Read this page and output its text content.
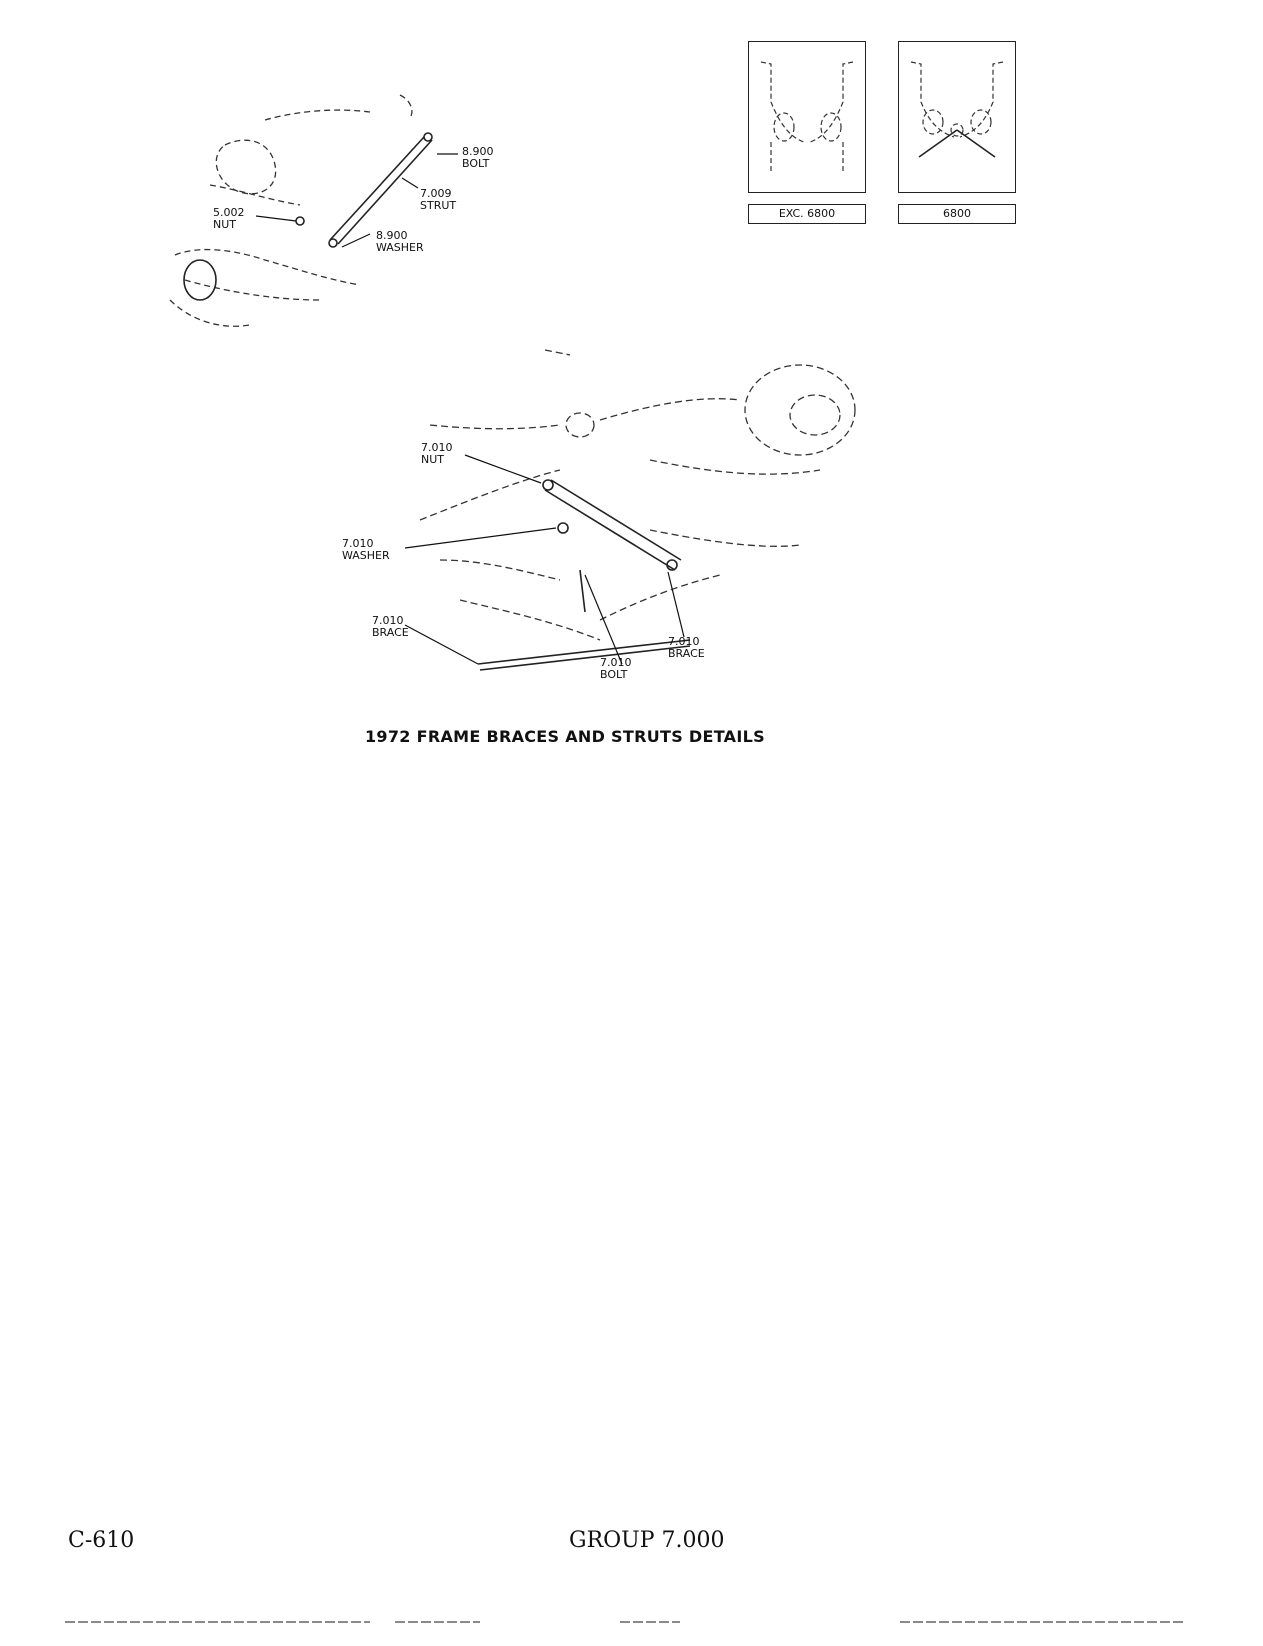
8.900
BOLT
7.009
STRUT
5.002
NUT
8.900
WASHER
EXC. 6800	6800
7.010
NUT
7.010
WASHER
7.010
BRACE
7.010
BOLT
7.010
BRACE
1972 FRAME BRACES AND STRUTS DETAILS
C-610	GROUP 7.000
